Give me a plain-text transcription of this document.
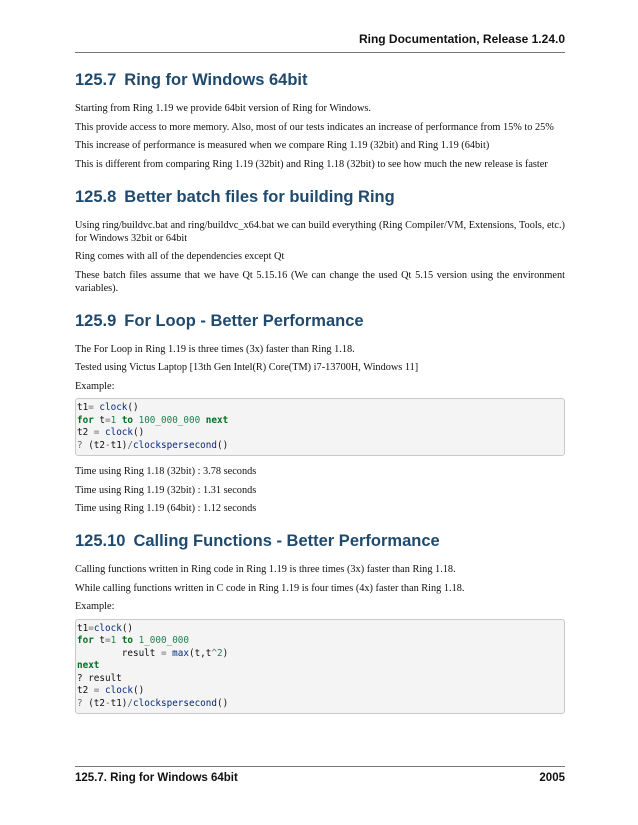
Ring Documentation, Release 1.24.0
125.7 Ring for Windows 64bit

Starting from Ring 1.19 we provide 64bit version of Ring for Windows.

This provide access to more memory. Also, most of our tests indicates an increase of performance from 15% to 25%

This increase of performance is measured when we compare Ring 1.19 (32bit) and Ring 1.19 (64bit)

This is different from comparing Ring 1.19 (32bit) and Ring 1.18 (32bit) to see how much the new release is faster

125.8 Better batch files for building Ring

Using ring/buildvc.bat and ring/buildvc_x64.bat we can build everything (Ring Compiler/VM, Extensions, Tools, etc.) for Windows 32bit or 64bit

Ring comes with all of the dependencies except Qt

These batch files assume that we have Qt 5.15.16 (We can change the used Qt 5.15 version using the environment variables).

125.9 For Loop - Better Performance

The For Loop in Ring 1.19 is three times (3x) faster than Ring 1.18.

Tested using Victus Laptop [13th Gen Intel(R) Core(TM) i7-13700H, Windows 11]

Example:

t1= clock()
for t=1 to 100_000_000 next
t2 = clock()
? (t2-t1)/clockspersecond()

Time using Ring 1.18 (32bit) : 3.78 seconds

Time using Ring 1.19 (32bit) : 1.31 seconds

Time using Ring 1.19 (64bit) : 1.12 seconds

125.10 Calling Functions - Better Performance

Calling functions written in Ring code in Ring 1.19 is three times (3x) faster than Ring 1.18.

While calling functions written in C code in Ring 1.19 is four times (4x) faster than Ring 1.18.

Example:

t1=clock()
for t=1 to 1_000_000
result = max(t,t^2)
next
? result
t2 = clock()
? (t2-t1)/clockspersecond()
125.7. Ring for Windows 64bit	2005
